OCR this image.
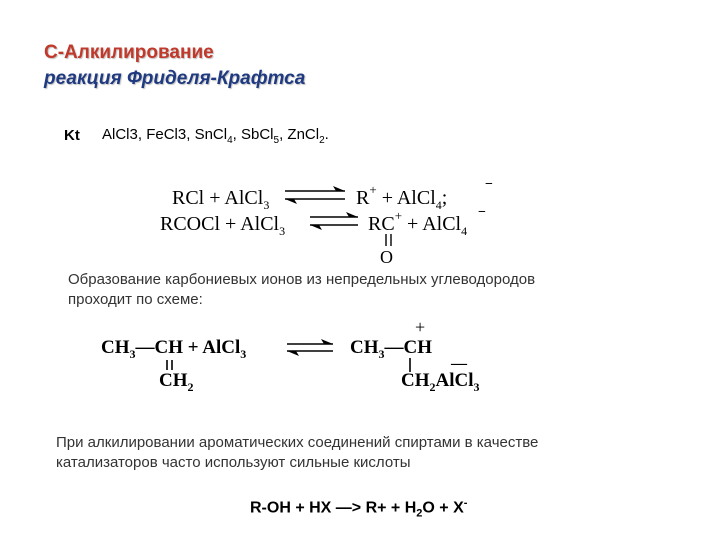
С-Алкилирование
реакция Фриделя-Крафтса
Kt AlCl3, FeCl3, SnCl$_4$, SbCl$_5$, ZnCl$_2$.
RCl + AlCl$_3$	R+ + AlCl$_4$;
−
RCOCl + AlCl$_3$	RC+ + AlCl$_4$
−
O
Образование карбониевых ионов из непредельных углеводородов
проходит по схеме:
$CH_3—CH$ + AlCl$_3$
$CH_2$
$CH_3—CH$
+
$CH_2AlCl_3$
—
При алкилировании ароматических соединений спиртами в качестве
катализаторов часто используют сильные кислоты
R-OH + HX —> $R+ + H_2O + X^-$
